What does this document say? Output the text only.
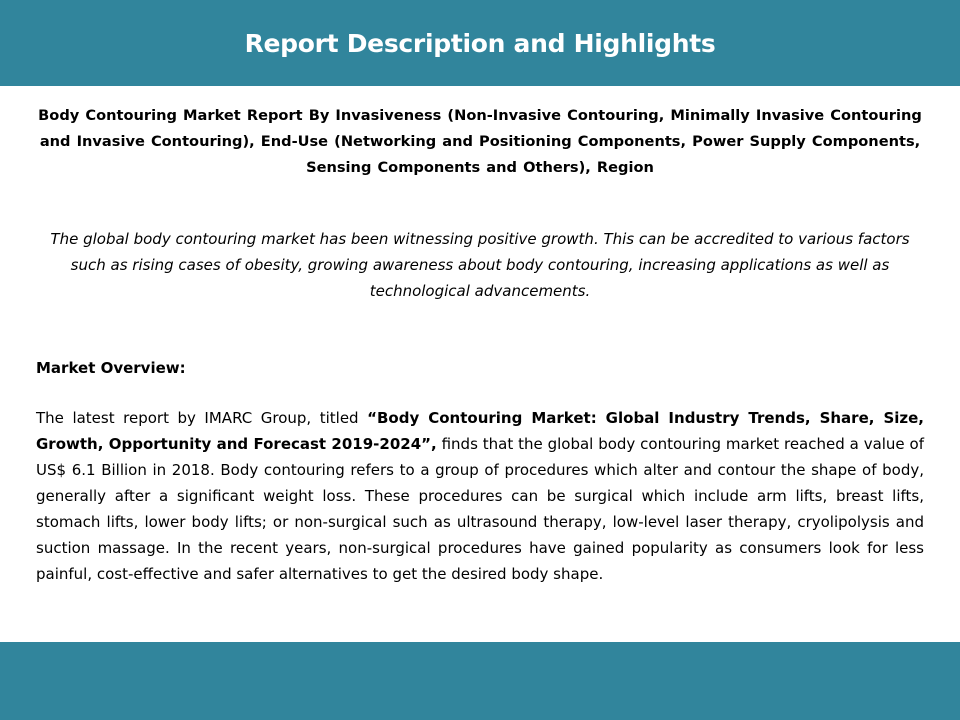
Report Description and Highlights
Body Contouring Market Report By Invasiveness (Non-Invasive Contouring, Minimally Invasive Contouring and Invasive Contouring), End-Use (Networking and Positioning Components, Power Supply Components, Sensing Components and Others), Region
The global body contouring market has been witnessing positive growth. This can be accredited to various factors such as rising cases of obesity, growing awareness about body contouring, increasing applications as well as technological advancements.
Market Overview:
The latest report by IMARC Group, titled “Body Contouring Market: Global Industry Trends, Share, Size, Growth, Opportunity and Forecast 2019-2024”, finds that the global body contouring market reached a value of US$ 6.1 Billion in 2018. Body contouring refers to a group of procedures which alter and contour the shape of body, generally after a significant weight loss. These procedures can be surgical which include arm lifts, breast lifts, stomach lifts, lower body lifts; or non-surgical such as ultrasound therapy, low-level laser therapy, cryolipolysis and suction massage. In the recent years, non-surgical procedures have gained popularity as consumers look for less painful, cost-effective and safer alternatives to get the desired body shape.
